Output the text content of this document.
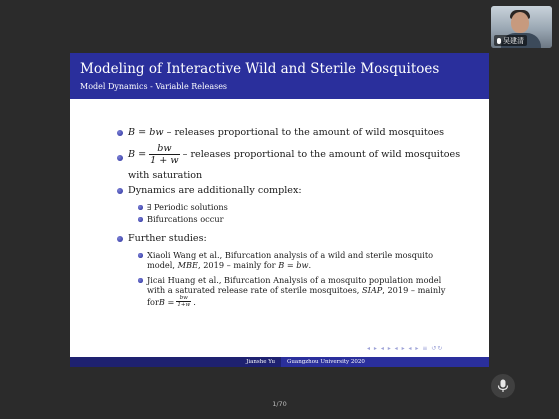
吴建清
Modeling of Interactive Wild and Sterile Mosquitoes
Model Dynamics - Variable Releases
B = bw – releases proportional to the amount of wild mosquitoes
$B = \frac{bw}{1 + w}$ – releases proportional to the amount of wild mosquitoes
with saturation
Dynamics are additionally complex:
∃ Periodic solutions
Bifurcations occur
Further studies:
Xiaoli Wang et al., Bifurcation analysis of a wild and sterile mosquito
model, MBE, 2019 – mainly for B = bw.
Jicai Huang et al., Bifurcation Analysis of a mosquito population model
with a saturated release rate of sterile mosquitoes, SIAP, 2019 – mainly
for $B = \frac{bw}{1+w}$ .
◂ ▸ ◂ ▸ ◂ ▸ ◂ ▸ ≡ ↺↻
Jianshe Yu	Guangzhou University 2020
1/70
